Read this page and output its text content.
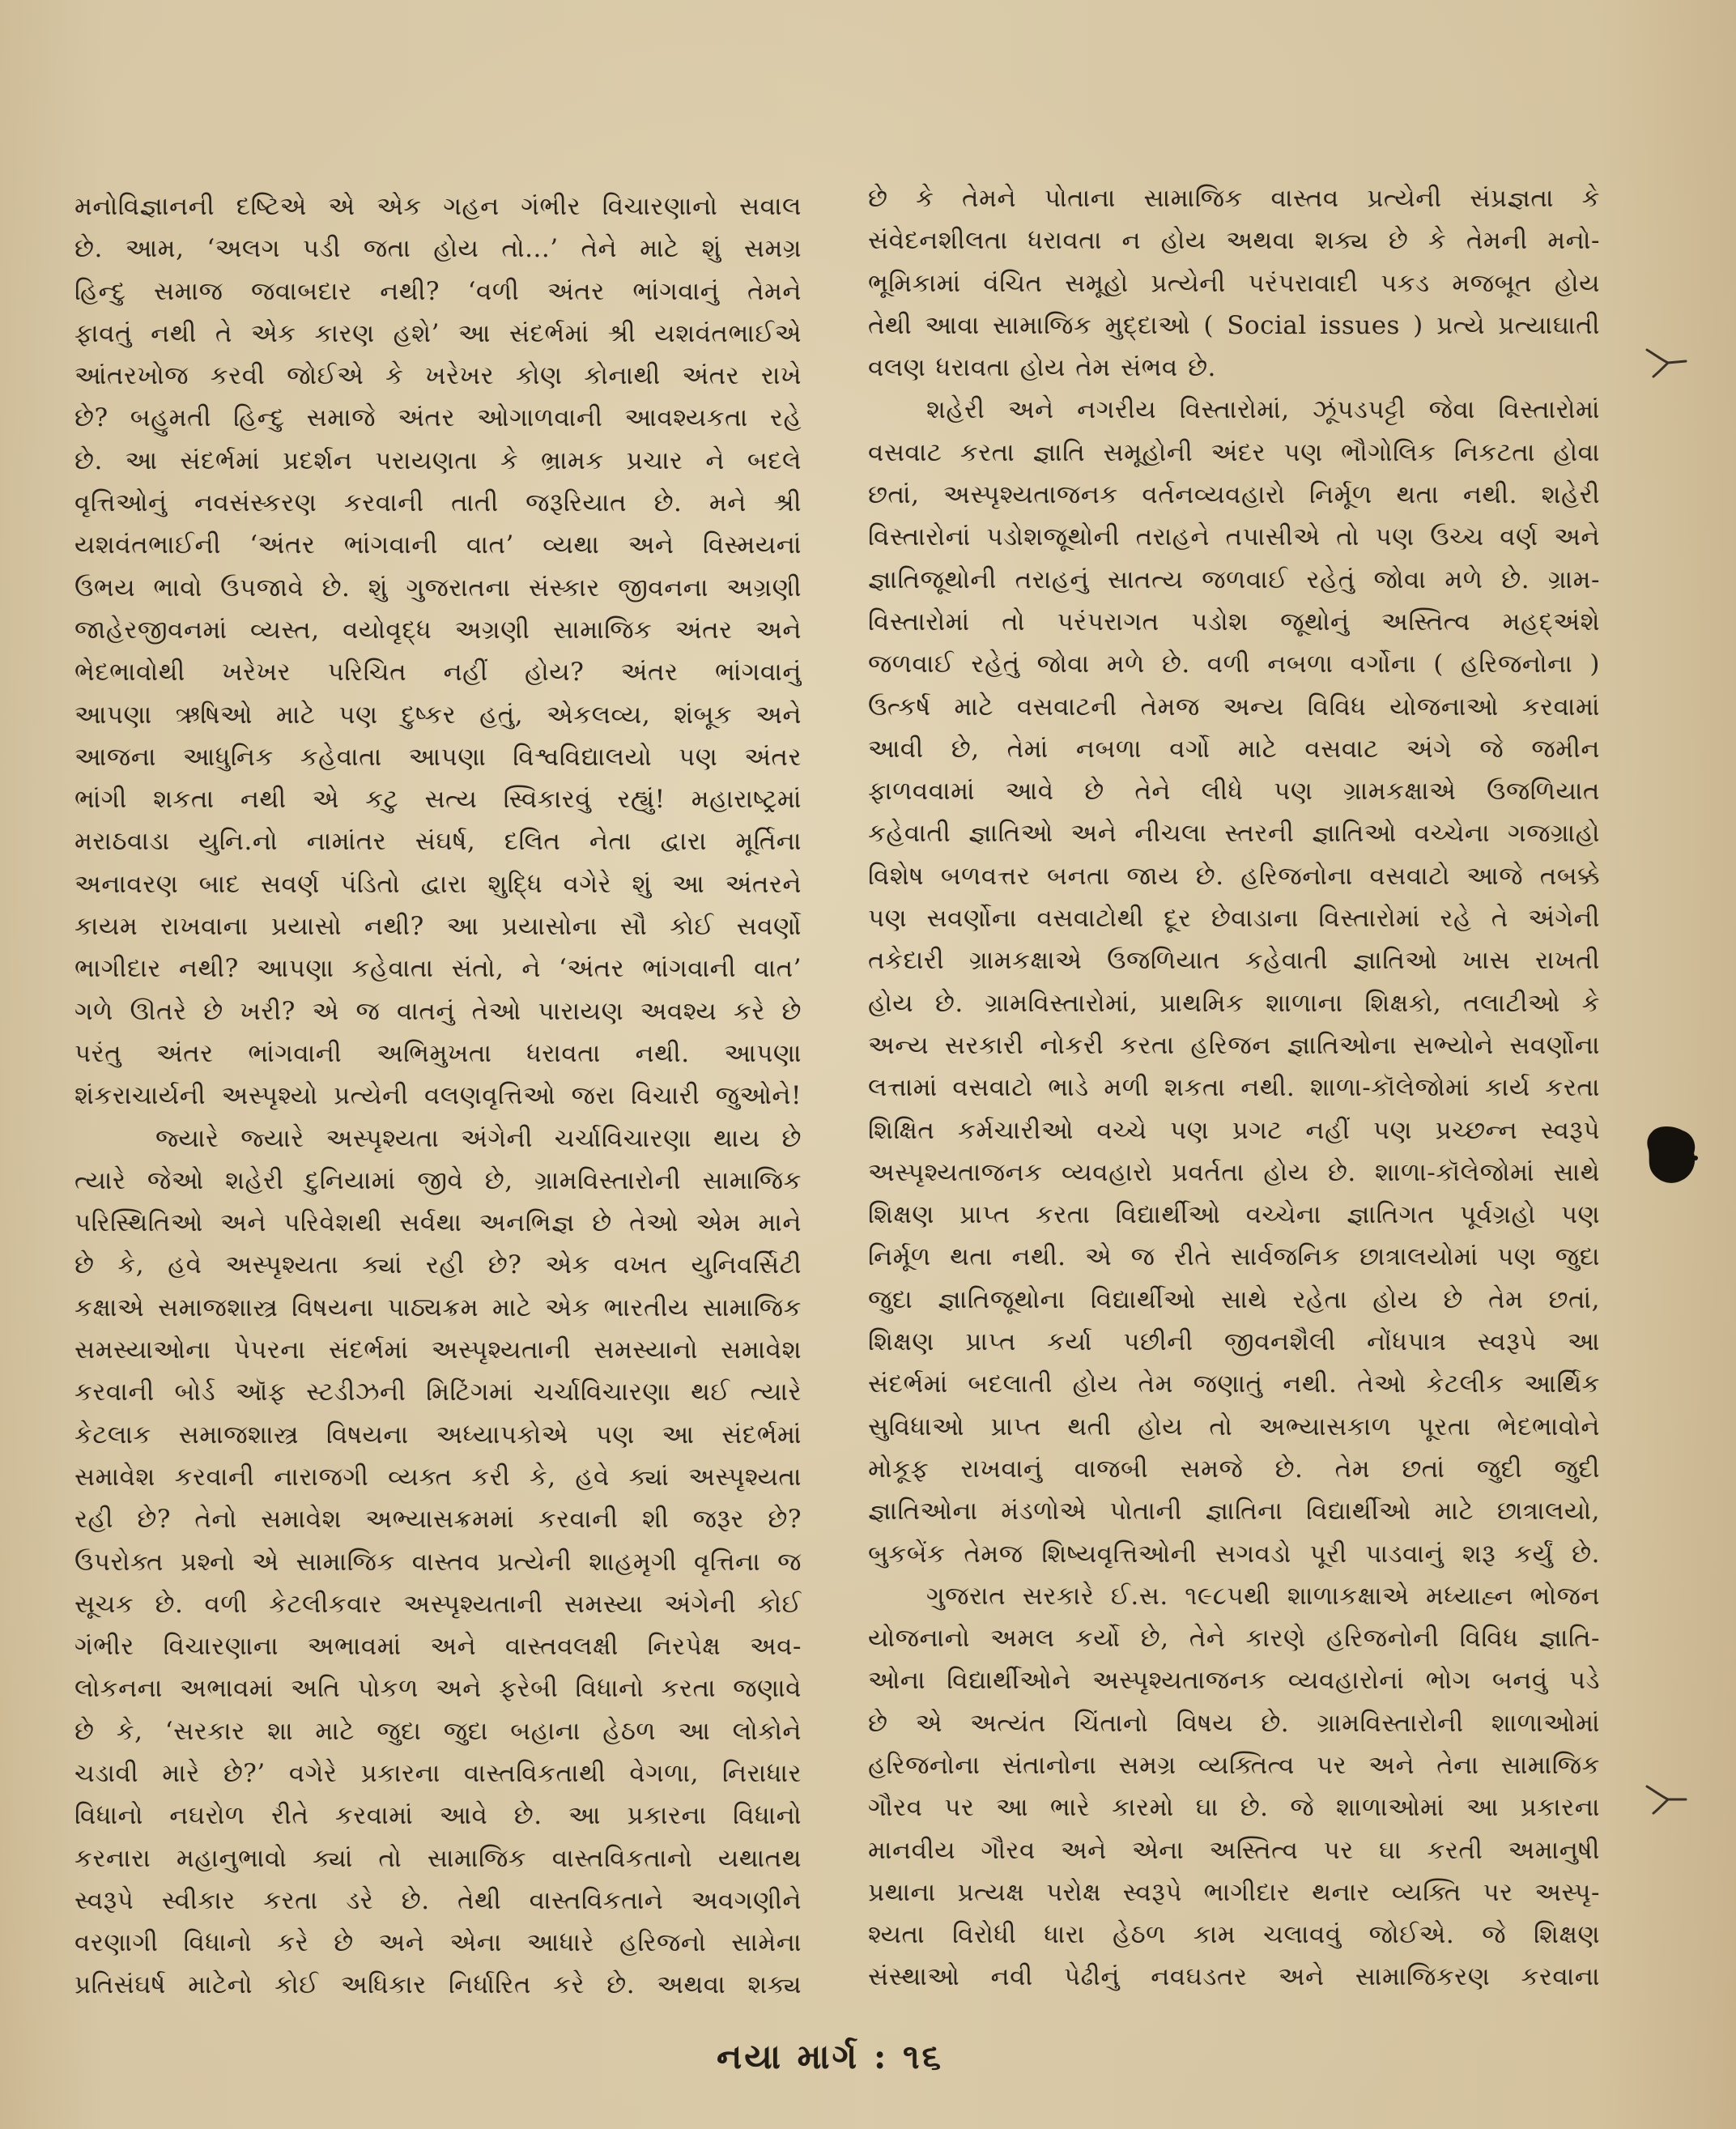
મનોવિજ્ઞાનની દષ્ટિએ એ એક ગહન ગંભીર વિચારણાનો સવાલ
છે. આમ, ‘અલગ પડી જતા હોય તો...’ તેને માટે શું સમગ્ર
હિન્દુ સમાજ જવાબદાર નથી? ‘વળી અંતર ભાંગવાનું તેમને
ફાવતું નથી તે એક કારણ હશે’ આ સંદર્ભમાં શ્રી યશવંતભાઈએ
આંતરખોજ કરવી જોઈએ કે ખરેખર કોણ કોનાથી અંતર રાખે
છે? બહુમતી હિન્દુ સમાજે અંતર ઓગાળવાની આવશ્યકતા રહે
છે. આ સંદર્ભમાં પ્રદર્શન પરાયણતા કે ભ્રામક પ્રચાર ને બદલે
વૃત્તિઓનું નવસંસ્કરણ કરવાની તાતી જરૂરિયાત છે. મને શ્રી
યશવંતભાઈની ‘અંતર ભાંગવાની વાત’ વ્યથા અને વિસ્મયનાં
ઉભય ભાવો ઉપજાવે છે. શું ગુજરાતના સંસ્કાર જીવનના અગ્રણી
જાહેરજીવનમાં વ્યસ્ત, વયોવૃદ્ધ અગ્રણી સામાજિક અંતર અને
ભેદભાવોથી ખરેખર પરિચિત નહીં હોય? અંતર ભાંગવાનું
આપણા ઋષિઓ માટે પણ દુષ્કર હતું, એકલવ્ય, શંબૂક અને
આજના આધુનિક કહેવાતા આપણા વિશ્વવિદ્યાલયો પણ અંતર
ભાંગી શકતા નથી એ કટુ સત્ય સ્વિકારવું રહ્યું! મહારાષ્ટ્રમાં
મરાઠવાડા યુનિ.નો નામાંતર સંઘર્ષ, દલિત નેતા દ્વારા મૂર્તિના
અનાવરણ બાદ સવર્ણ પંડિતો દ્વારા શુદ્ધિ વગેરે શું આ અંતરને
કાયમ રાખવાના પ્રયાસો નથી? આ પ્રયાસોના સૌ કોઈ સવર્ણો
ભાગીદાર નથી? આપણા કહેવાતા સંતો, ને ‘અંતર ભાંગવાની વાત’
ગળે ઊતરે છે ખરી? એ જ વાતનું તેઓ પારાયણ અવશ્ય કરે છે
પરંતુ અંતર ભાંગવાની અભિમુખતા ધરાવતા નથી. આપણા
શંકરાચાર્યની અસ્પૃશ્યો પ્રત્યેની વલણવૃત્તિઓ જરા વિચારી જુઓને!
જ્યારે જ્યારે અસ્પૃશ્યતા અંગેની ચર્ચાવિચારણા થાય છે
ત્યારે જેઓ શહેરી દુનિયામાં જીવે છે, ગ્રામવિસ્તારોની સામાજિક
પરિસ્થિતિઓ અને પરિવેશથી સર્વથા અનભિજ્ઞ છે તેઓ એમ માને
છે કે, હવે અસ્પૃશ્યતા ક્યાં રહી છે? એક વખત યુનિવર્સિટી
કક્ષાએ સમાજશાસ્ત્ર વિષયના પાઠ્યક્રમ માટે એક ભારતીય સામાજિક
સમસ્યાઓના પેપરના સંદર્ભમાં અસ્પૃશ્યતાની સમસ્યાનો સમાવેશ
કરવાની બોર્ડ ઑફ સ્ટડીઝની મિટિંગમાં ચર્ચાવિચારણા થઈ ત્યારે
કેટલાક સમાજશાસ્ત્ર વિષયના અધ્યાપકોએ પણ આ સંદર્ભમાં
સમાવેશ કરવાની નારાજગી વ્યક્ત કરી કે, હવે ક્યાં અસ્પૃશ્યતા
રહી છે? તેનો સમાવેશ અભ્યાસક્રમમાં કરવાની શી જરૂર છે?
ઉપરોક્ત પ્રશ્નો એ સામાજિક વાસ્તવ પ્રત્યેની શાહમૃગી વૃત્તિના જ
સૂચક છે. વળી કેટલીકવાર અસ્પૃશ્યતાની સમસ્યા અંગેની કોઈ
ગંભીર વિચારણાના અભાવમાં અને વાસ્તવલક્ષી નિરપેક્ષ અવ-
લોકનના અભાવમાં અતિ પોકળ અને ફરેબી વિધાનો કરતા જણાવે
છે કે, ‘સરકાર શા માટે જુદા જુદા બહાના હેઠળ આ લોકોને
ચડાવી મારે છે?’ વગેરે પ્રકારના વાસ્તવિકતાથી વેગળા, નિરાધાર
વિધાનો નઘરોળ રીતે કરવામાં આવે છે. આ પ્રકારના વિધાનો
કરનારા મહાનુભાવો ક્યાં તો સામાજિક વાસ્તવિકતાનો યથાતથ
સ્વરૂપે સ્વીકાર કરતા ડરે છે. તેથી વાસ્તવિકતાને અવગણીને
વરણાગી વિધાનો કરે છે અને એના આધારે હરિજનો સામેના
પ્રતિસંઘર્ષ માટેનો કોઈ અધિકાર નિર્ધારિત કરે છે. અથવા શક્ય
છે કે તેમને પોતાના સામાજિક વાસ્તવ પ્રત્યેની સંપ્રજ્ઞતા કે
સંવેદનશીલતા ધરાવતા ન હોય અથવા શક્ય છે કે તેમની મનો-
ભૂમિકામાં વંચિત સમૂહો પ્રત્યેની પરંપરાવાદી પકડ મજબૂત હોય
તેથી આવા સામાજિક મુદ્દાઓ ( Social issues ) પ્રત્યે પ્રત્યાઘાતી
વલણ ધરાવતા હોય તેમ સંભવ છે.
શહેરી અને નગરીય વિસ્તારોમાં, ઝૂંપડપટ્ટી જેવા વિસ્તારોમાં
વસવાટ કરતા જ્ઞાતિ સમૂહોની અંદર પણ ભૌગોલિક નિકટતા હોવા
છતાં, અસ્પૃશ્યતાજનક વર્તનવ્યવહારો નિર્મૂળ થતા નથી. શહેરી
વિસ્તારોનાં પડોશજૂથોની તરાહને તપાસીએ તો પણ ઉચ્ચ વર્ણ અને
જ્ઞાતિજૂથોની તરાહનું સાતત્ય જળવાઈ રહેતું જોવા મળે છે. ગ્રામ-
વિસ્તારોમાં તો પરંપરાગત પડોશ જૂથોનું અસ્તિત્વ મહદ્અંશે
જળવાઈ રહેતું જોવા મળે છે. વળી નબળા વર્ગોના ( હરિજનોના )
ઉત્કર્ષ માટે વસવાટની તેમજ અન્ય વિવિધ યોજનાઓ કરવામાં
આવી છે, તેમાં નબળા વર્ગો માટે વસવાટ અંગે જે જમીન
ફાળવવામાં આવે છે તેને લીધે પણ ગ્રામકક્ષાએ ઉજળિયાત
કહેવાતી જ્ઞાતિઓ અને નીચલા સ્તરની જ્ઞાતિઓ વચ્ચેના ગજગ્રાહો
વિશેષ બળવત્તર બનતા જાય છે. હરિજનોના વસવાટો આજે તબક્કે
પણ સવર્ણોના વસવાટોથી દૂર છેવાડાના વિસ્તારોમાં રહે તે અંગેની
તકેદારી ગ્રામકક્ષાએ ઉજળિયાત કહેવાતી જ્ઞાતિઓ ખાસ રાખતી
હોય છે. ગ્રામવિસ્તારોમાં, પ્રાથમિક શાળાના શિક્ષકો, તલાટીઓ કે
અન્ય સરકારી નોકરી કરતા હરિજન જ્ઞાતિઓના સભ્યોને સવર્ણોના
લત્તામાં વસવાટો ભાડે મળી શકતા નથી. શાળા-કૉલેજોમાં કાર્ય કરતા
શિક્ષિત કર્મચારીઓ વચ્ચે પણ પ્રગટ નહીં પણ પ્રચ્છન્ન સ્વરૂપે
અસ્પૃશ્યતાજનક વ્યવહારો પ્રવર્તતા હોય છે. શાળા-કૉલેજોમાં સાથે
શિક્ષણ પ્રાપ્ત કરતા વિદ્યાર્થીઓ વચ્ચેના જ્ઞાતિગત પૂર્વગ્રહો પણ
નિર્મૂળ થતા નથી. એ જ રીતે સાર્વજનિક છાત્રાલયોમાં પણ જુદા
જુદા જ્ઞાતિજૂથોના વિદ્યાર્થીઓ સાથે રહેતા હોય છે તેમ છતાં,
શિક્ષણ પ્રાપ્ત કર્યા પછીની જીવનશૈલી નોંધપાત્ર સ્વરૂપે આ
સંદર્ભમાં બદલાતી હોય તેમ જણાતું નથી. તેઓ કેટલીક આર્થિક
સુવિધાઓ પ્રાપ્ત થતી હોય તો અભ્યાસકાળ પૂરતા ભેદભાવોને
મોકૂફ રાખવાનું વાજબી સમજે છે. તેમ છતાં જુદી જુદી
જ્ઞાતિઓના મંડળોએ પોતાની જ્ઞાતિના વિદ્યાર્થીઓ માટે છાત્રાલયો,
બુકબેંક તેમજ શિષ્યવૃત્તિઓની સગવડો પૂરી પાડવાનું શરૂ કર્યું છે.
ગુજરાત સરકારે ઈ.સ. ૧૯૮૫થી શાળાકક્ષાએ મધ્યાહ્ન ભોજન
યોજનાનો અમલ કર્યો છે, તેને કારણે હરિજનોની વિવિધ જ્ઞાતિ-
ઓના વિદ્યાર્થીઓને અસ્પૃશ્યતાજનક વ્યવહારોનાં ભોગ બનવું પડે
છે એ અત્યંત ચિંતાનો વિષય છે. ગ્રામવિસ્તારોની શાળાઓમાં
હરિજનોના સંતાનોના સમગ્ર વ્યક્તિત્વ પર અને તેના સામાજિક
ગૌરવ પર આ ભારે કારમો ઘા છે. જે શાળાઓમાં આ પ્રકારના
માનવીય ગૌરવ અને એના અસ્તિત્વ પર ઘા કરતી અમાનુષી
પ્રથાના પ્રત્યક્ષ પરોક્ષ સ્વરૂપે ભાગીદાર થનાર વ્યક્તિ પર અસ્પૃ-
શ્યતા વિરોધી ધારા હેઠળ કામ ચલાવવું જોઈએ. જે શિક્ષણ
સંસ્થાઓ નવી પેઢીનું નવઘડતર અને સામાજિકરણ કરવાના
નયા માર્ગ : ૧૬
